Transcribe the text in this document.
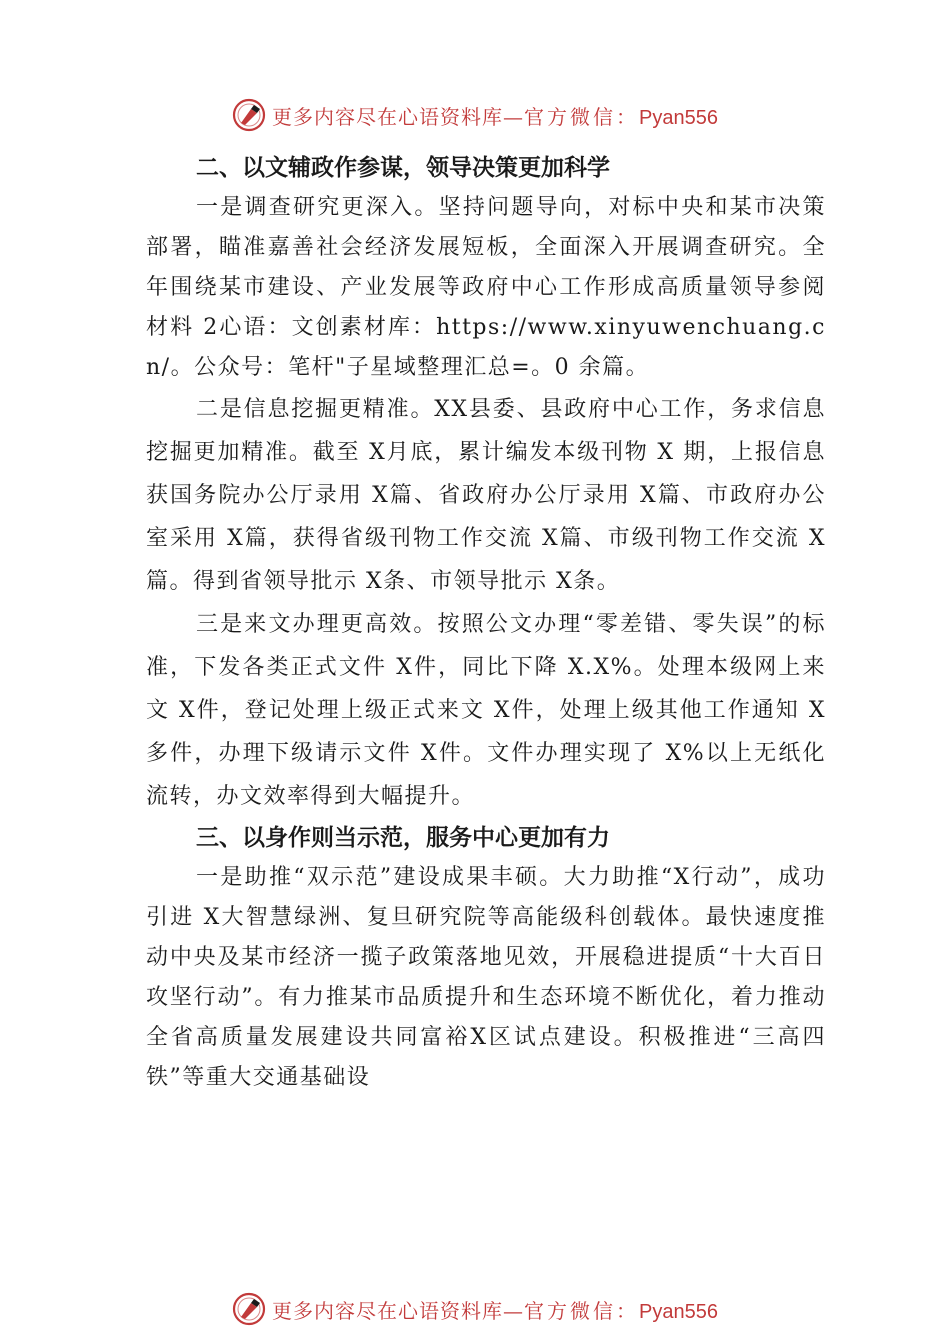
更多内容尽在心语资料库—官方微信：Pyan556

二、以文辅政作参谋，领导决策更加科学

一是调查研究更深入。坚持问题导向，对标中央和某市决策部署，瞄准嘉善社会经济发展短板，全面深入开展调查研究。全年围绕某市建设、产业发展等政府中心工作形成高质量领导参阅材料 2心语：文创素材库：https://www.xinyuwenchuang.cn/。公众号：笔杆"子星域整理汇总=。0 余篇。

二是信息挖掘更精准。XX县委、县政府中心工作，务求信息挖掘更加精准。截至 X月底，累计编发本级刊物 X 期，上报信息获国务院办公厅录用 X篇、省政府办公厅录用 X篇、市政府办公室采用 X篇，获得省级刊物工作交流 X篇、市级刊物工作交流 X篇。得到省领导批示 X条、市领导批示 X条。

三是来文办理更高效。按照公文办理“零差错、零失误”的标准，下发各类正式文件 X件，同比下降 X.X%。处理本级网上来文 X件，登记处理上级正式来文 X件，处理上级其他工作通知 X多件，办理下级请示文件 X件。文件办理实现了 X%以上无纸化流转，办文效率得到大幅提升。

三、以身作则当示范，服务中心更加有力

一是助推“双示范”建设成果丰硕。大力助推“X行动”，成功引进 X大智慧绿洲、复旦研究院等高能级科创载体。最快速度推动中央及某市经济一揽子政策落地见效，开展稳进提质“十大百日攻坚行动”。有力推某市品质提升和生态环境不断优化，着力推动全省高质量发展建设共同富裕X区试点建设。积极推进“三高四铁”等重大交通基础设

更多内容尽在心语资料库—官方微信：Pyan556
